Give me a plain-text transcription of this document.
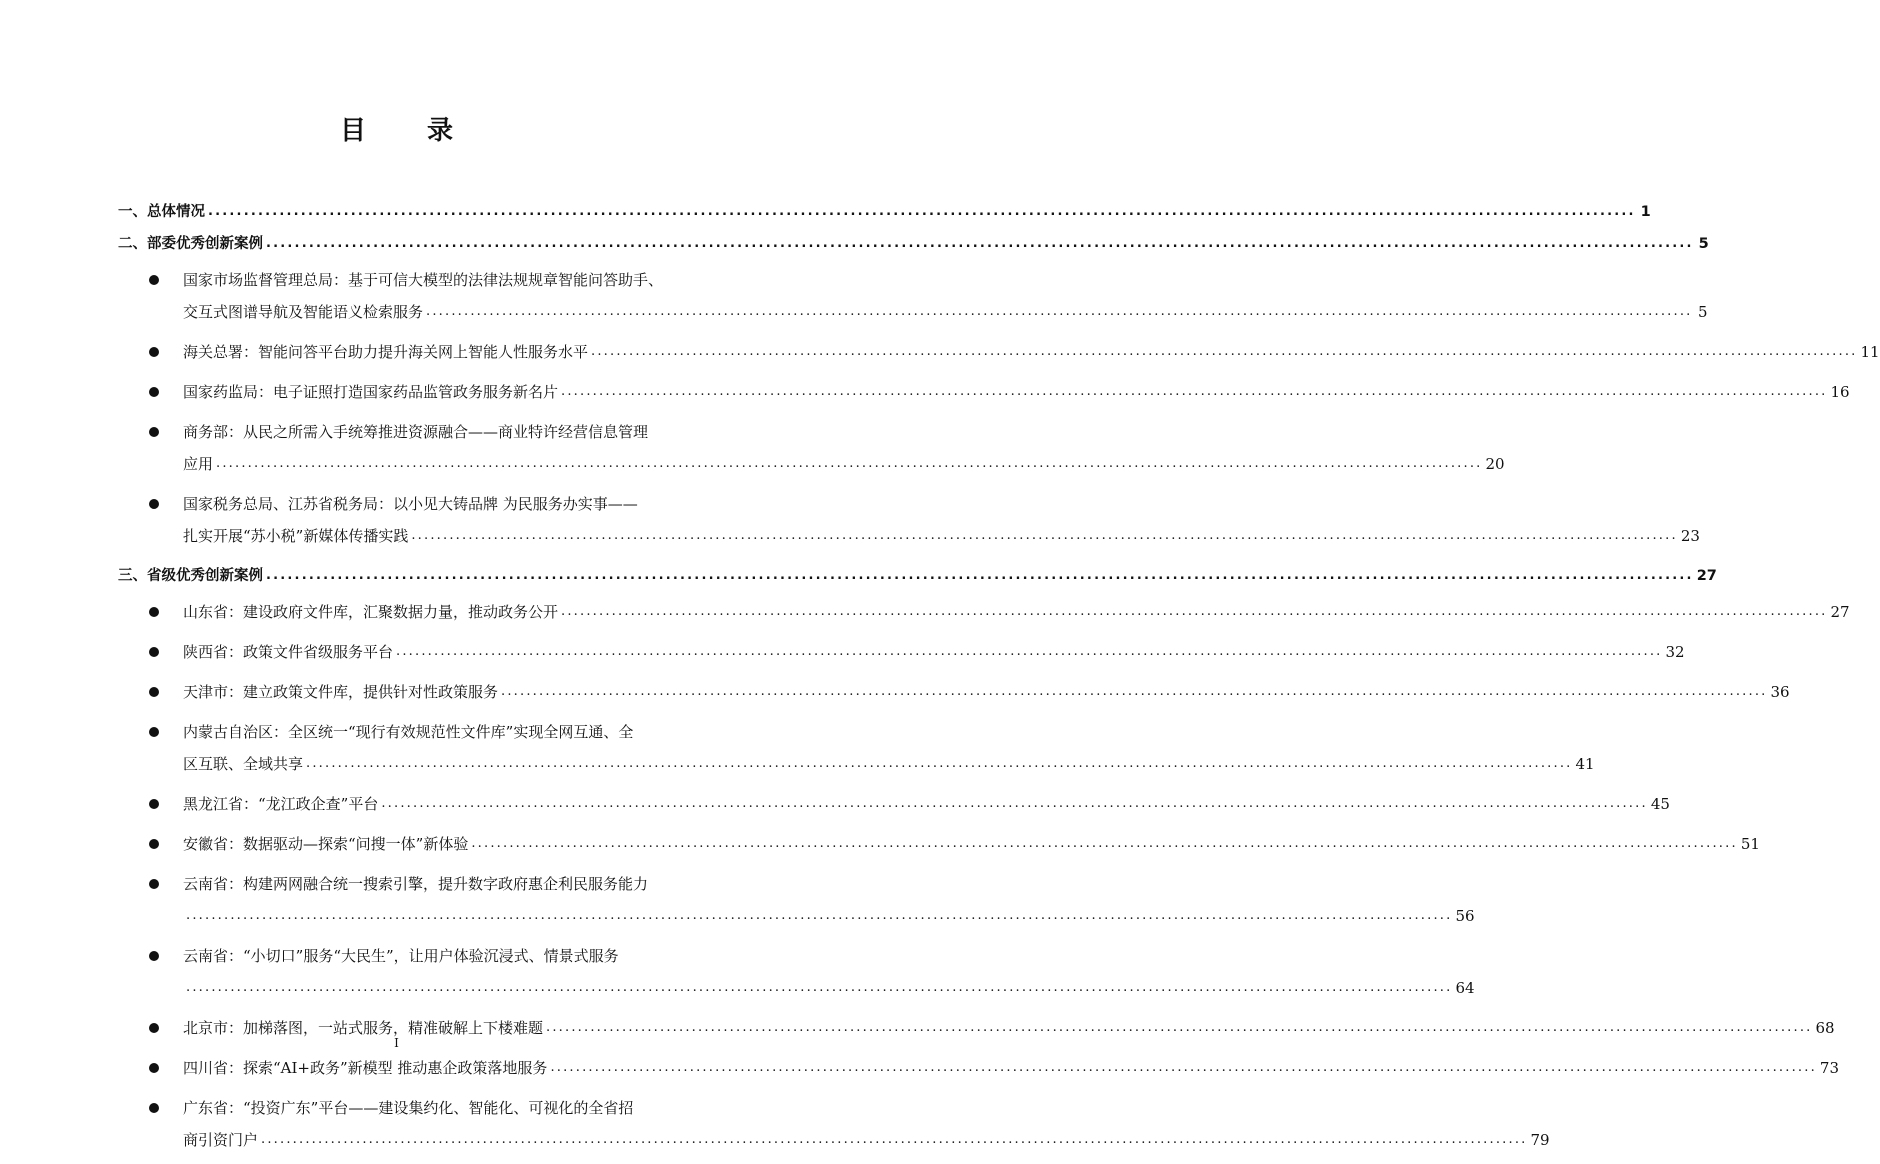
目 录
一、总体情况 ........................................................................................................................................................................................................ 1
二、部委优秀创新案例 ........................................................................................................................................................................................................ 5
国家市场监督管理总局：基于可信大模型的法律法规规章智能问答助手、
交互式图谱导航及智能语义检索服务 ........................................................................................................................................................................................................ 5
海关总署：智能问答平台助力提升海关网上智能人性服务水平 ........................................................................................................................................................................................................ 11
国家药监局：电子证照打造国家药品监管政务服务新名片 ........................................................................................................................................................................................................ 16
商务部：从民之所需入手统筹推进资源融合——商业特许经营信息管理
应用 ........................................................................................................................................................................................................ 20
国家税务总局、江苏省税务局：以小见大铸品牌 为民服务办实事——
扎实开展“苏小税”新媒体传播实践 ........................................................................................................................................................................................................ 23
三、省级优秀创新案例 ........................................................................................................................................................................................................ 27
山东省：建设政府文件库，汇聚数据力量，推动政务公开 ........................................................................................................................................................................................................ 27
陕西省：政策文件省级服务平台 ........................................................................................................................................................................................................ 32
天津市：建立政策文件库，提供针对性政策服务 ........................................................................................................................................................................................................ 36
内蒙古自治区：全区统一“现行有效规范性文件库”实现全网互通、全
区互联、全域共享 ........................................................................................................................................................................................................ 41
黑龙江省：“龙江政企查”平台 ........................................................................................................................................................................................................ 45
安徽省：数据驱动—探索“问搜一体”新体验 ........................................................................................................................................................................................................ 51
云南省：构建两网融合统一搜索引擎，提升数字政府惠企利民服务能力
........................................................................................................................................................................................................ 56
云南省：“小切口”服务“大民生”，让用户体验沉浸式、情景式服务
........................................................................................................................................................................................................ 64
北京市：加梯落图，一站式服务，精准破解上下楼难题 ........................................................................................................................................................................................................ 68
四川省：探索“AI+政务”新模型 推动惠企政策落地服务 ........................................................................................................................................................................................................ 73
广东省：“投资广东”平台——建设集约化、智能化、可视化的全省招
商引资门户 ........................................................................................................................................................................................................ 79
I
